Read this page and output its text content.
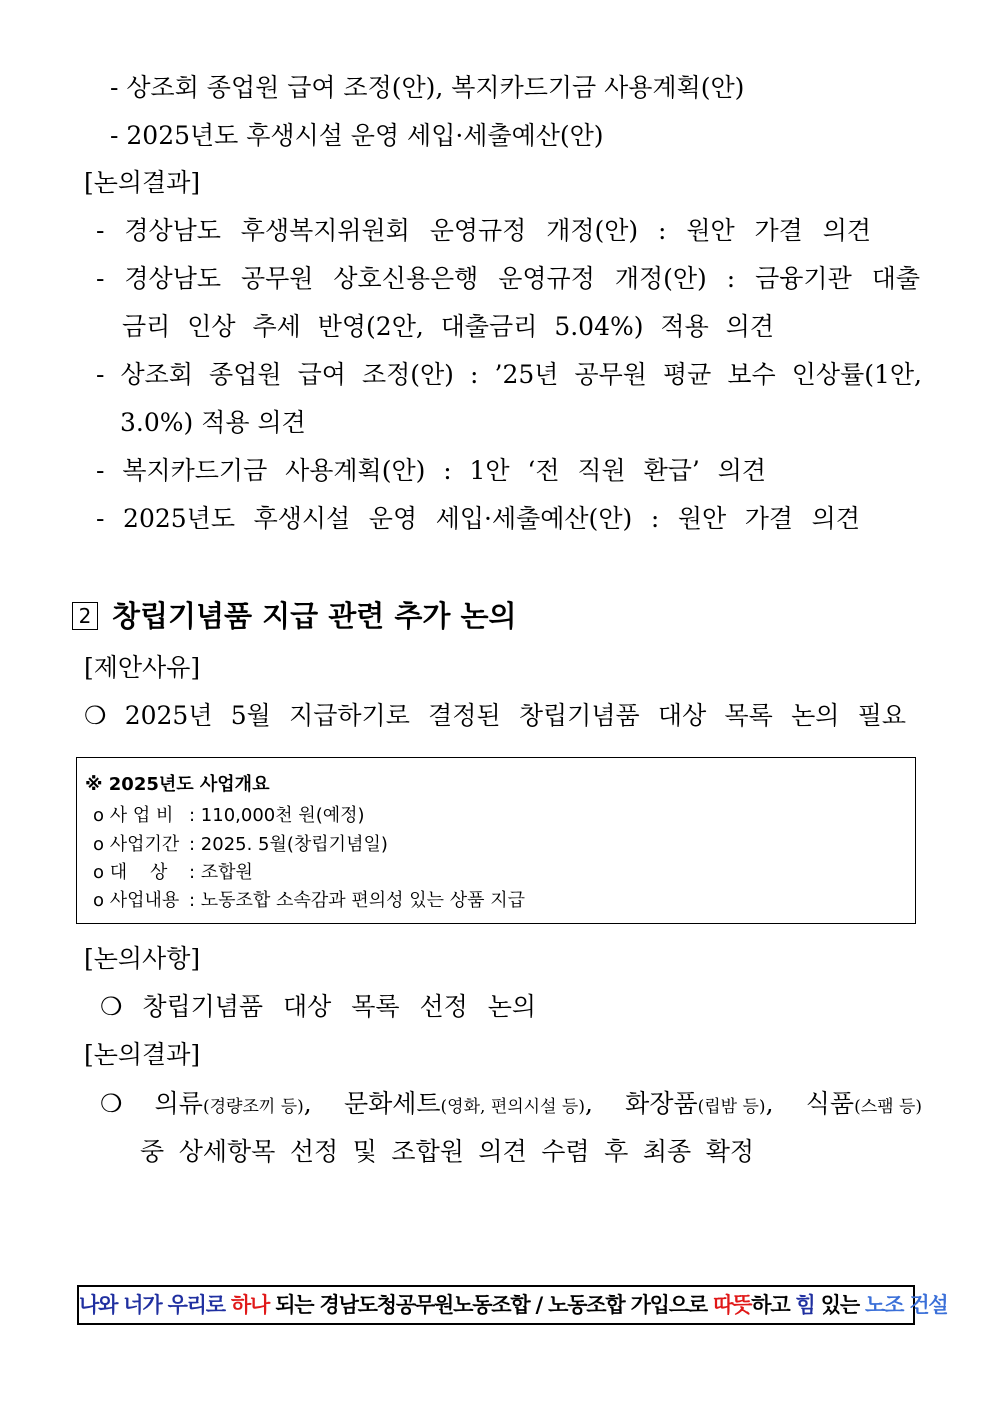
- 상조회 종업원 급여 조정(안), 복지카드기금 사용계획(안)
- 2025년도 후생시설 운영 세입·세출예산(안)
[논의결과]
- 경상남도 후생복지위원회 운영규정 개정(안) : 원안 가결 의견
- 경상남도 공무원 상호신용은행 운영규정 개정(안) : 금융기관 대출
금리 인상 추세 반영(2안, 대출금리 5.04%) 적용 의견
- 상조회 종업원 급여 조정(안) : ’25년 공무원 평균 보수 인상률(1안,
3.0%) 적용 의견
- 복지카드기금 사용계획(안) : 1안 ‘전 직원 환급’ 의견
- 2025년도 후생시설 운영 세입·세출예산(안) : 원안 가결 의견
2 창립기념품 지급 관련 추가 논의
[제안사유]
❍ 2025년 5월 지급하기로 결정된 창립기념품 대상 목록 논의 필요
※ 2025년도 사업개요
o 사 업 비 : 110,000천 원(예정)
o 사업기간 : 2025. 5월(창립기념일)
o 대    상 : 조합원
o 사업내용 : 노동조합 소속감과 편의성 있는 상품 지급
[논의사항]
❍ 창립기념품 대상 목록 선정 논의
[논의결과]
❍ 의류(경량조끼 등), 문화세트(영화, 편의시설 등), 화장품(립밤 등), 식품(스팸 등)
중 상세항목 선정 및 조합원 의견 수렴 후 최종 확정
나와 너가 우리로 하나 되는 경남도청공무원노동조합 / 노동조합 가입으로 따뜻하고 힘 있는 노조 건설
